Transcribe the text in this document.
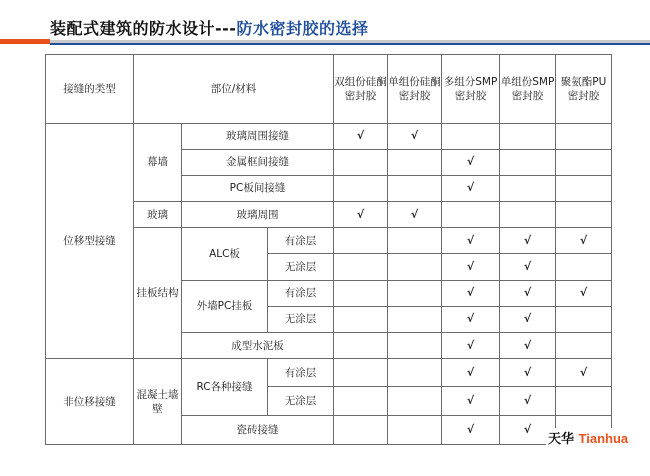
装配式建筑的防水设计---防水密封胶的选择
接缝的类型	部位/材料			双组份硅酮密封胶	单组份硅酮密封胶	多组分SMP密封胶	单组份SMP密封胶	聚氨酯PU密封胶
位移型接缝	幕墙	玻璃周围接缝		√	√			
		金属框间接缝				√		
		PC板间接缝				√		
	玻璃	玻璃周围		√	√			
	挂板结构	ALC板	有涂层			√	√	√
			无涂层			√	√	
		外墙PC挂板	有涂层			√	√	√
			无涂层			√	√	
		成型水泥板				√	√	
非位移接缝	混凝土墙壁	RC各种接缝	有涂层			√	√	√
			无涂层			√	√	
		瓷砖接缝				√	√	
天华 Tianhua
